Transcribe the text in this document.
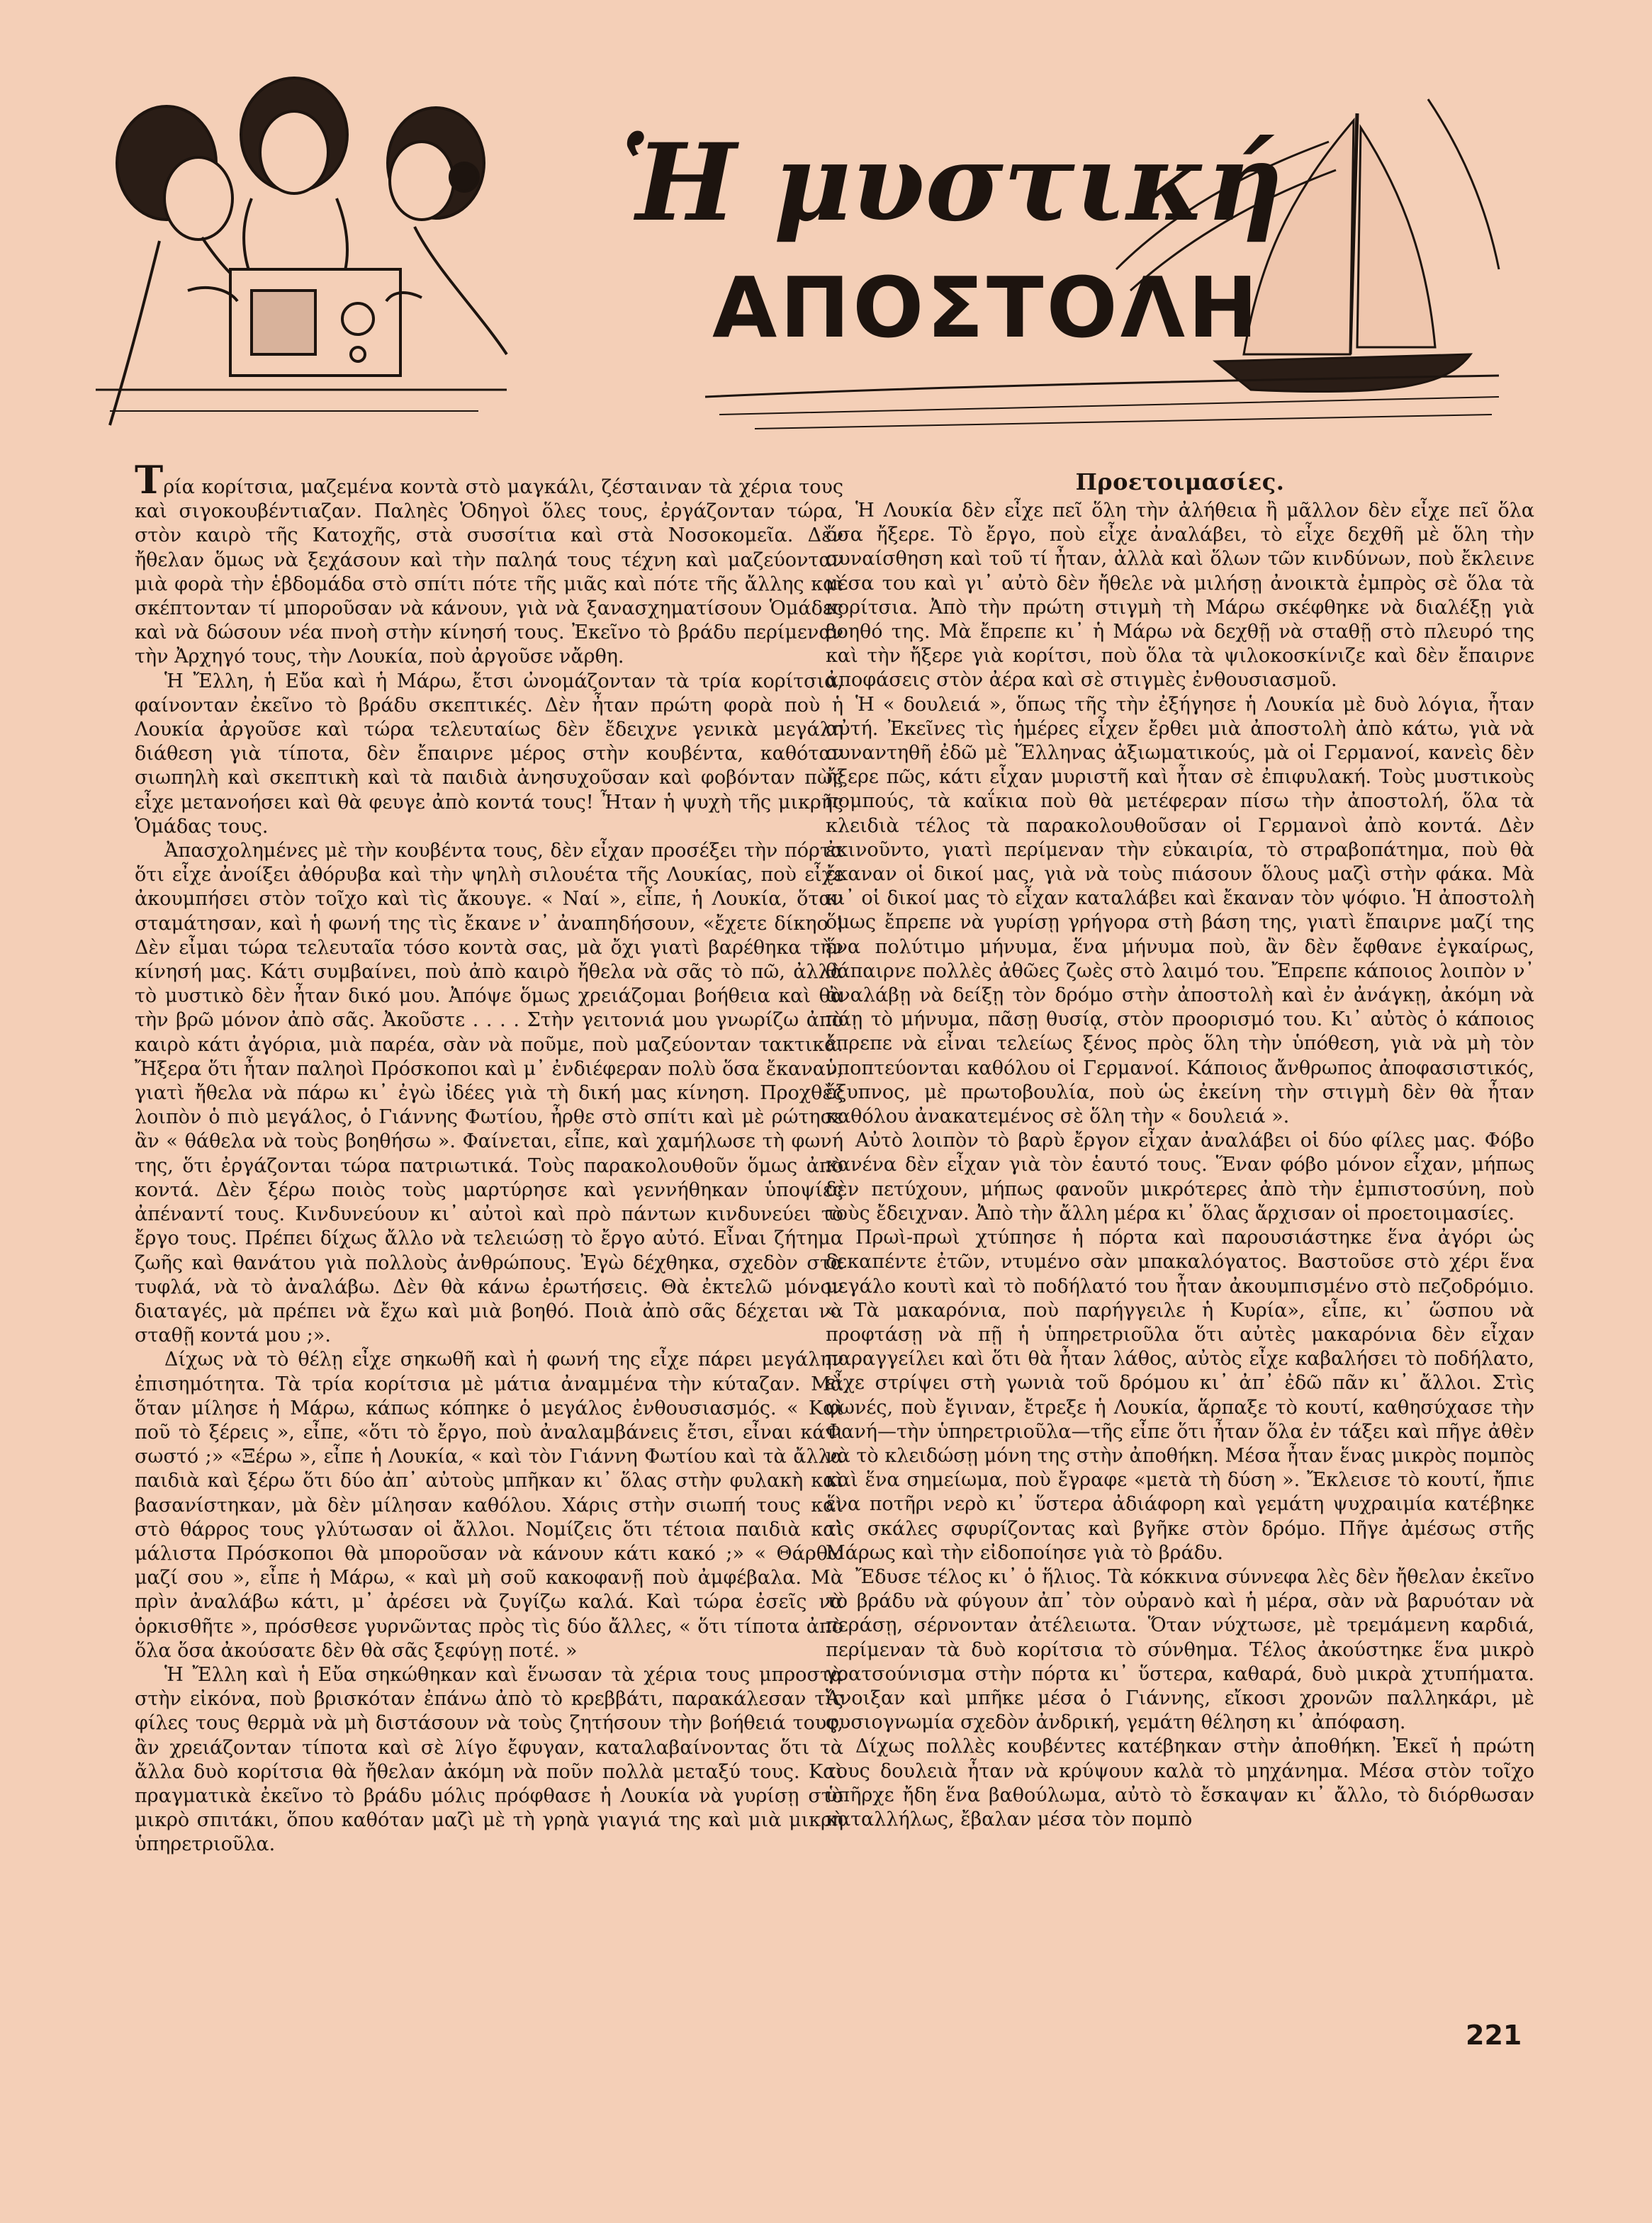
Ἡ μυστική
ΑΠΟΣΤΟΛΗ

Τρία κορίτσια, μαζεμένα κοντὰ στὸ μαγκάλι, ζέσταιναν τὰ χέρια τους καὶ σιγοκουβέντιαζαν. Παληὲς Ὁδηγοὶ ὅλες τους, ἐργάζονταν τώρα, στὸν καιρὸ τῆς Κατοχῆς, στὰ συσσίτια καὶ στὰ Νοσοκομεῖα. Δὲν ἤθελαν ὅμως νὰ ξεχάσουν καὶ τὴν παληά τους τέχνη καὶ μαζεύονταν μιὰ φορὰ τὴν ἑβδομάδα στὸ σπίτι πότε τῆς μιᾶς καὶ πότε τῆς ἄλλης καὶ σκέπτονταν τί μποροῦσαν νὰ κάνουν, γιὰ νὰ ξανασχηματίσουν Ὁμάδες καὶ νὰ δώσουν νέα πνοὴ στὴν κίνησή τους. Ἐκεῖνο τὸ βράδυ περίμεναν τὴν Ἀρχηγό τους, τὴν Λουκία, ποὺ ἀργοῦσε νἄρθη.

Ἡ Ἔλλη, ἡ Εὔα καὶ ἡ Μάρω, ἔτσι ὠνομάζονταν τὰ τρία κορίτσια, φαίνονταν ἐκεῖνο τὸ βράδυ σκεπτικές. Δὲν ἦταν πρώτη φορὰ ποὺ ἡ Λουκία ἀργοῦσε καὶ τώρα τελευταίως δὲν ἔδειχνε γενικὰ μεγάλη διάθεση γιὰ τίποτα, δὲν ἔπαιρνε μέρος στὴν κουβέντα, καθόταν σιωπηλὴ καὶ σκεπτικὴ καὶ τὰ παιδιὰ ἀνησυχοῦσαν καὶ φοβόνταν πὼς εἶχε μετανοήσει καὶ θὰ φευγε ἀπὸ κοντά τους! Ἦταν ἡ ψυχὴ τῆς μικρῆς Ὁμάδας τους.

Ἀπασχολημένες μὲ τὴν κουβέντα τους, δὲν εἶχαν προσέξει τὴν πόρτα ὅτι εἶχε ἀνοίξει ἀθόρυβα καὶ τὴν ψηλὴ σιλουέτα τῆς Λουκίας, ποὺ εἶχε ἀκουμπήσει στὸν τοῖχο καὶ τὶς ἄκουγε. « Ναί », εἶπε, ἡ Λουκία, ὅταν σταμάτησαν, καὶ ἡ φωνή της τὶς ἔκανε ν᾿ ἀναπηδήσουν, «ἔχετε δίκηο ! Δὲν εἶμαι τώρα τελευταῖα τόσο κοντὰ σας, μὰ ὄχι γιατὶ βαρέθηκα τὴν κίνησή μας. Κάτι συμβαίνει, ποὺ ἀπὸ καιρὸ ἤθελα νὰ σᾶς τὸ πῶ, ἀλλὰ τὸ μυστικὸ δὲν ἦταν δικό μου. Ἀπόψε ὅμως χρειάζομαι βοήθεια καὶ θὰ τὴν βρῶ μόνον ἀπὸ σᾶς. Ἀκοῦστε . . . . Στὴν γειτονιά μου γνωρίζω ἀπὸ καιρὸ κάτι ἀγόρια, μιὰ παρέα, σὰν νὰ ποῦμε, ποὺ μαζεύονταν τακτικά. Ἤξερα ὅτι ἦταν παληοὶ Πρόσκοποι καὶ μ᾿ ἐνδιέφεραν πολὺ ὅσα ἔκαναν, γιατὶ ἤθελα νὰ πάρω κι᾿ ἐγὼ ἰδέες γιὰ τὴ δική μας κίνηση. Προχθὲς λοιπὸν ὁ πιὸ μεγάλος, ὁ Γιάννης Φωτίου, ἦρθε στὸ σπίτι καὶ μὲ ρώτησε ἂν « θάθελα νὰ τοὺς βοηθήσω ». Φαίνεται, εἶπε, καὶ χαμήλωσε τὴ φωνή της, ὅτι ἐργάζονται τώρα πατριωτικά. Τοὺς παρακολουθοῦν ὅμως ἀπὸ κοντά. Δὲν ξέρω ποιὸς τοὺς μαρτύρησε καὶ γεννήθηκαν ὑποψίες ἀπέναντί τους. Κινδυνεύουν κι᾿ αὐτοὶ καὶ πρὸ πάντων κινδυνεύει τὸ ἔργο τους. Πρέπει δίχως ἄλλο νὰ τελειώσῃ τὸ ἔργο αὐτό. Εἶναι ζήτημα ζωῆς καὶ θανάτου γιὰ πολλοὺς ἀνθρώπους. Ἐγὼ δέχθηκα, σχεδὸν στὰ τυφλά, νὰ τὸ ἀναλάβω. Δὲν θὰ κάνω ἐρωτήσεις. Θὰ ἐκτελῶ μόνον διαταγές, μὰ πρέπει νὰ ἔχω καὶ μιὰ βοηθό. Ποιὰ ἀπὸ σᾶς δέχεται νὰ σταθῇ κοντά μου ;».

Δίχως νὰ τὸ θέλῃ εἶχε σηκωθῆ καὶ ἡ φωνή της εἶχε πάρει μεγάλην ἐπισημότητα. Τὰ τρία κορίτσια μὲ μάτια ἀναμμένα τὴν κύταζαν. Μὰ ὅταν μίλησε ἡ Μάρω, κάπως κόπηκε ὁ μεγάλος ἐνθουσιασμός. « Καὶ ποῦ τὸ ξέρεις », εἶπε, «ὅτι τὸ ἔργο, ποὺ ἀναλαμβάνεις ἔτσι, εἶναι κάτι σωστό ;» «Ξέρω », εἶπε ἡ Λουκία, « καὶ τὸν Γιάννη Φωτίου καὶ τὰ ἄλλα παιδιὰ καὶ ξέρω ὅτι δύο ἀπ᾿ αὐτοὺς μπῆκαν κι᾿ ὅλας στὴν φυλακὴ καὶ βασανίστηκαν, μὰ δὲν μίλησαν καθόλου. Χάρις στὴν σιωπή τους καὶ στὸ θάρρος τους γλύτωσαν οἱ ἄλλοι. Νομίζεις ὅτι τέτοια παιδιὰ καὶ μάλιστα Πρόσκοποι θὰ μποροῦσαν νὰ κάνουν κάτι κακό ;» « Θάρθω μαζί σου », εἶπε ἡ Μάρω, « καὶ μὴ σοῦ κακοφανῇ ποὺ ἀμφέβαλα. Μὰ πρὶν ἀναλάβω κάτι, μ᾿ ἀρέσει νὰ ζυγίζω καλά. Καὶ τώρα ἐσεῖς νὰ ὁρκισθῆτε », πρόσθεσε γυρνῶντας πρὸς τὶς δύο ἄλλες, « ὅτι τίποτα ἀπὸ ὅλα ὅσα ἀκούσατε δὲν θὰ σᾶς ξεφύγῃ ποτέ. »

Ἡ Ἔλλη καὶ ἡ Εὔα σηκώθηκαν καὶ ἕνωσαν τὰ χέρια τους μπροστὰ στὴν εἰκόνα, ποὺ βρισκόταν ἐπάνω ἀπὸ τὸ κρεββάτι, παρακάλεσαν τὶς φίλες τους θερμὰ νὰ μὴ διστάσουν νὰ τοὺς ζητήσουν τὴν βοήθειά τους, ἂν χρειάζονταν τίποτα καὶ σὲ λίγο ἔφυγαν, καταλαβαίνοντας ὅτι τὰ ἄλλα δυὸ κορίτσια θὰ ἤθελαν ἀκόμη νὰ ποῦν πολλὰ μεταξύ τους. Καὶ πραγματικὰ ἐκεῖνο τὸ βράδυ μόλις πρόφθασε ἡ Λουκία νὰ γυρίσῃ στὸ μικρὸ σπιτάκι, ὅπου καθόταν μαζὶ μὲ τὴ γρηὰ γιαγιά της καὶ μιὰ μικρὴ ὑπηρετριοῦλα.

Προετοιμασίες.

Ἡ Λουκία δὲν εἶχε πεῖ ὅλη τὴν ἀλήθεια ἢ μᾶλλον δὲν εἶχε πεῖ ὅλα ὅσα ἤξερε. Τὸ ἔργο, ποὺ εἶχε ἀναλάβει, τὸ εἶχε δεχθῆ μὲ ὅλη τὴν συναίσθηση καὶ τοῦ τί ἦταν, ἀλλὰ καὶ ὅλων τῶν κινδύνων, ποὺ ἔκλεινε μέσα του καὶ γι᾿ αὐτὸ δὲν ἤθελε νὰ μιλήσῃ ἀνοικτὰ ἐμπρὸς σὲ ὅλα τὰ κορίτσια. Ἀπὸ τὴν πρώτη στιγμὴ τὴ Μάρω σκέφθηκε νὰ διαλέξῃ γιὰ βοηθό της. Μὰ ἔπρεπε κι᾿ ἡ Μάρω νὰ δεχθῇ νὰ σταθῇ στὸ πλευρό της καὶ τὴν ἤξερε γιὰ κορίτσι, ποὺ ὅλα τὰ ψιλοκοσκίνιζε καὶ δὲν ἔπαιρνε ἀποφάσεις στὸν ἀέρα καὶ σὲ στιγμὲς ἐνθουσιασμοῦ.

Ἡ « δουλειά », ὅπως τῆς τὴν ἐξήγησε ἡ Λουκία μὲ δυὸ λόγια, ἦταν αὐτή. Ἐκεῖνες τὶς ἡμέρες εἶχεν ἔρθει μιὰ ἀποστολὴ ἀπὸ κάτω, γιὰ νὰ συναντηθῆ ἐδῶ μὲ Ἕλληνας ἀξιωματικούς, μὰ οἱ Γερμανοί, κανεὶς δὲν ἤξερε πῶς, κάτι εἶχαν μυριστῆ καὶ ἦταν σὲ ἐπιφυλακή. Τοὺς μυστικοὺς πομπούς, τὰ καΐκια ποὺ θὰ μετέφεραν πίσω τὴν ἀποστολή, ὅλα τὰ κλειδιὰ τέλος τὰ παρακολουθοῦσαν οἱ Γερμανοὶ ἀπὸ κοντά. Δὲν ἐκινοῦντο, γιατὶ περίμεναν τὴν εὐκαιρία, τὸ στραβοπάτημα, ποὺ θὰ ἔκαναν οἱ δικοί μας, γιὰ νὰ τοὺς πιάσουν ὅλους μαζὶ στὴν φάκα. Μὰ κι᾿ οἱ δικοί μας τὸ εἶχαν καταλάβει καὶ ἔκαναν τὸν ψόφιο. Ἡ ἀποστολὴ ὅμως ἔπρεπε νὰ γυρίσῃ γρήγορα στὴ βάση της, γιατὶ ἔπαιρνε μαζί της ἕνα πολύτιμο μήνυμα, ἕνα μήνυμα ποὺ, ἂν δὲν ἔφθανε ἐγκαίρως, θάπαιρνε πολλὲς ἀθῶες ζωὲς στὸ λαιμό του. Ἔπρεπε κάποιος λοιπὸν ν᾿ ἀναλάβῃ νὰ δείξῃ τὸν δρόμο στὴν ἀποστολὴ καὶ ἐν ἀνάγκῃ, ἀκόμη νὰ πάῃ τὸ μήνυμα, πᾶσῃ θυσίᾳ, στὸν προορισμό του. Κι᾿ αὐτὸς ὁ κάποιος ἔπρεπε νὰ εἶναι τελείως ξένος πρὸς ὅλη τὴν ὑπόθεση, γιὰ νὰ μὴ τὸν ὑποπτεύονται καθόλου οἱ Γερμανοί. Κάποιος ἄνθρωπος ἀποφασιστικός, ἔξυπνος, μὲ πρωτοβουλία, ποὺ ὡς ἐκείνη τὴν στιγμὴ δὲν θὰ ἦταν καθόλου ἀνακατεμένος σὲ ὅλη τὴν « δουλειά ».

Αὐτὸ λοιπὸν τὸ βαρὺ ἔργον εἶχαν ἀναλάβει οἱ δύο φίλες μας. Φόβο κανένα δὲν εἶχαν γιὰ τὸν ἑαυτό τους. Ἕναν φόβο μόνον εἶχαν, μήπως δὲν πετύχουν, μήπως φανοῦν μικρότερες ἀπὸ τὴν ἐμπιστοσύνη, ποὺ τοὺς ἔδειχναν. Ἀπὸ τὴν ἄλλη μέρα κι᾿ ὅλας ἄρχισαν οἱ προετοιμασίες.

Πρωὶ-πρωὶ χτύπησε ἡ πόρτα καὶ παρουσιάστηκε ἕνα ἀγόρι ὡς δεκαπέντε ἐτῶν, ντυμένο σὰν μπακαλόγατος. Βαστοῦσε στὸ χέρι ἕνα μεγάλο κουτὶ καὶ τὸ ποδήλατό του ἦταν ἀκουμπισμένο στὸ πεζοδρόμιο. « Τὰ μακαρόνια, ποὺ παρήγγειλε ἡ Κυρία», εἶπε, κι᾿ ὥσπου νὰ προφτάσῃ νὰ πῇ ἡ ὑπηρετριοῦλα ὅτι αὐτὲς μακαρόνια δὲν εἶχαν παραγγείλει καὶ ὅτι θὰ ἦταν λάθος, αὐτὸς εἶχε καβαλήσει τὸ ποδήλατο, εἶχε στρίψει στὴ γωνιὰ τοῦ δρόμου κι᾿ ἀπ᾿ ἐδῶ πᾶν κι᾿ ἄλλοι. Στὶς φωνές, ποὺ ἔγιναν, ἔτρεξε ἡ Λουκία, ἅρπαξε τὸ κουτί, καθησύχασε τὴν Φανή—τὴν ὑπηρετριοῦλα—τῆς εἶπε ὅτι ἦταν ὅλα ἐν τάξει καὶ πῆγε ἀθὲν νὰ τὸ κλειδώσῃ μόνη της στὴν ἀποθήκη. Μέσα ἦταν ἕνας μικρὸς πομπὸς καὶ ἕνα σημείωμα, ποὺ ἔγραφε «μετὰ τὴ δύση ». Ἔκλεισε τὸ κουτί, ἤπιε ἕνα ποτῆρι νερὸ κι᾿ ὕστερα ἀδιάφορη καὶ γεμάτη ψυχραιμία κατέβηκε τὶς σκάλες σφυρίζοντας καὶ βγῆκε στὸν δρόμο. Πῆγε ἀμέσως στῆς Μάρως καὶ τὴν εἰδοποίησε γιὰ τὸ βράδυ.

Ἔδυσε τέλος κι᾿ ὁ ἥλιος. Τὰ κόκκινα σύννεφα λὲς δὲν ἤθελαν ἐκεῖνο τὸ βράδυ νὰ φύγουν ἀπ᾿ τὸν οὐρανὸ καὶ ἡ μέρα, σὰν νὰ βαρυόταν νὰ περάσῃ, σέρνονταν ἀτέλειωτα. Ὅταν νύχτωσε, μὲ τρεμάμενη καρδιά, περίμεναν τὰ δυὸ κορίτσια τὸ σύνθημα. Τέλος ἀκούστηκε ἕνα μικρὸ γρατσούνισμα στὴν πόρτα κι᾿ ὕστερα, καθαρά, δυὸ μικρὰ χτυπήματα. Ἄνοιξαν καὶ μπῆκε μέσα ὁ Γιάννης, εἴκοσι χρονῶν παλληκάρι, μὲ φυσιογνωμία σχεδὸν ἀνδρική, γεμάτη θέληση κι᾿ ἀπόφαση.

Δίχως πολλὲς κουβέντες κατέβηκαν στὴν ἀποθήκη. Ἐκεῖ ἡ πρώτη τους δουλειὰ ἦταν νὰ κρύψουν καλὰ τὸ μηχάνημα. Μέσα στὸν τοῖχο ὑπῆρχε ἤδη ἕνα βαθούλωμα, αὐτὸ τὸ ἔσκαψαν κι᾿ ἄλλο, τὸ διόρθωσαν καταλλήλως, ἔβαλαν μέσα τὸν πομπὸ

221
